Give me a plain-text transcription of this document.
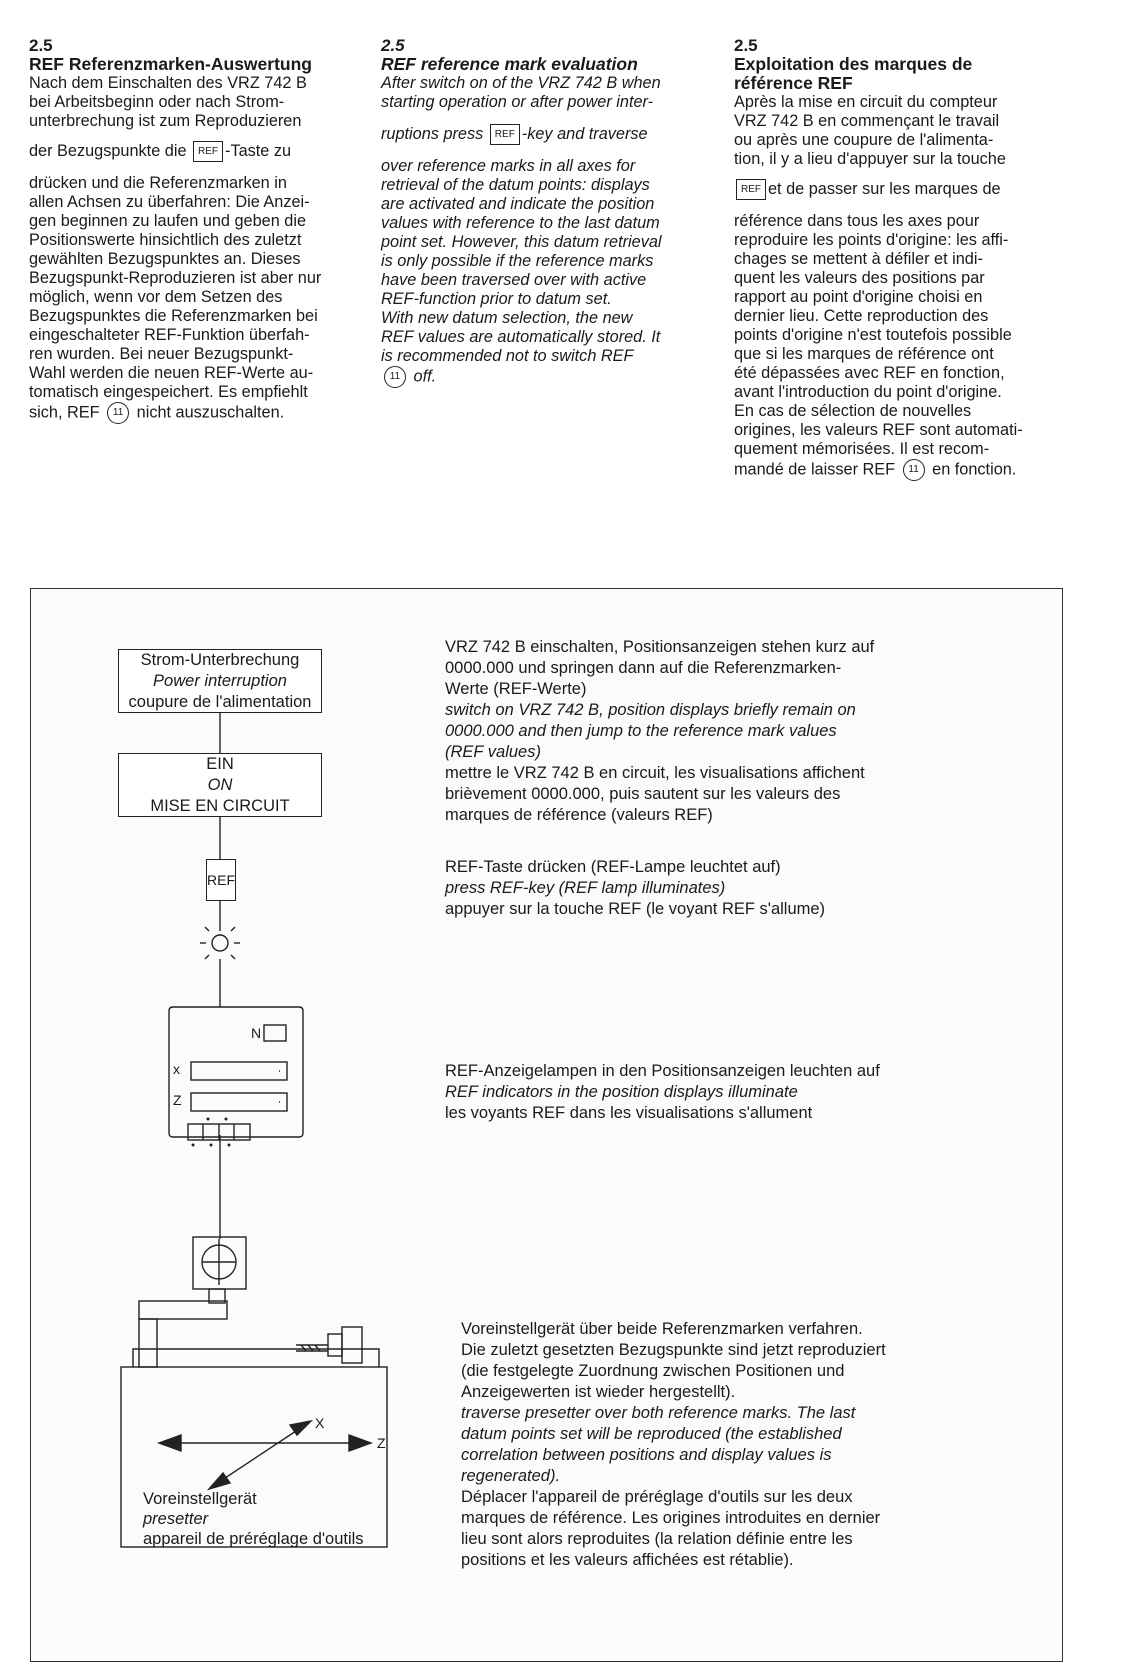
2.5

REF Referenzmarken-Auswertung

Nach dem Einschalten des VRZ 742 B

bei Arbeitsbeginn oder nach Strom-

unterbrechung ist zum Reproduzieren

der Bezugspunkte die REF -Taste zu

drücken und die Referenzmarken in

allen Achsen zu überfahren: Die Anzei-

gen beginnen zu laufen und geben die

Positionswerte hinsichtlich des zuletzt

gewählten Bezugspunktes an. Dieses

Bezugspunkt-Reproduzieren ist aber nur

möglich, wenn vor dem Setzen des

Bezugspunktes die Referenzmarken bei

eingeschalteter REF-Funktion überfah-

ren wurden. Bei neuer Bezugspunkt-

Wahl werden die neuen REF-Werte au-

tomatisch eingespeichert. Es empfiehlt

sich, REF 11 nicht auszuschalten.

2.5

REF reference mark evaluation

After switch on of the VRZ 742 B when

starting operation or after power inter-

ruptions press REF -key and traverse

over reference marks in all axes for

retrieval of the datum points: displays

are activated and indicate the position

values with reference to the last datum

point set. However, this datum retrieval

is only possible if the reference marks

have been traversed over with active

REF-function prior to datum set.

With new datum selection, the new

REF values are automatically stored. It

is recommended not to switch REF

11 off.

2.5

Exploitation des marques de

référence REF

Après la mise en circuit du compteur

VRZ 742 B en commençant le travail

ou après une coupure de l'alimenta-

tion, il y a lieu d'appuyer sur la touche

REF et de passer sur les marques de

référence dans tous les axes pour

reproduire les points d'origine: les affi-

chages se mettent à défiler et indi-

quent les valeurs des positions par

rapport au point d'origine choisi en

dernier lieu. Cette reproduction des

points d'origine n'est toutefois possible

que si les marques de référence ont

été dépassées avec REF en fonction,

avant l'introduction du point d'origine.

En cas de sélection de nouvelles

origines, les valeurs REF sont automati-

quement mémorisées. Il est recom-

mandé de laisser REF 11 en fonction.

Strom-Unterbrechung
Power interruption
coupure de l'alimentation
EIN
ON
MISE EN CIRCUIT
REF
N
x
Z
X
Z
Voreinstellgerät
presetter
appareil de préréglage d'outils
VRZ 742 B einschalten, Positionsanzeigen stehen kurz auf
0000.000 und springen dann auf die Referenzmarken-
Werte (REF-Werte)
switch on VRZ 742 B, position displays briefly remain on
0000.000 and then jump to the reference mark values
(REF values)
mettre le VRZ 742 B en circuit, les visualisations affichent
brièvement 0000.000, puis sautent sur les valeurs des
marques de référence (valeurs REF)
REF-Taste drücken (REF-Lampe leuchtet auf)
press REF-key (REF lamp illuminates)
appuyer sur la touche REF (le voyant REF s'allume)
REF-Anzeigelampen in den Positionsanzeigen leuchten auf
REF indicators in the position displays illuminate
les voyants REF dans les visualisations s'allument
Voreinstellgerät über beide Referenzmarken verfahren.
Die zuletzt gesetzten Bezugspunkte sind jetzt reproduziert
(die festgelegte Zuordnung zwischen Positionen und
Anzeigewerten ist wieder hergestellt).
traverse presetter over both reference marks. The last
datum points set will be reproduced (the established
correlation between positions and display values is
regenerated).
Déplacer l'appareil de préréglage d'outils sur les deux
marques de référence. Les origines introduites en dernier
lieu sont alors reproduites (la relation définie entre les
positions et les valeurs affichées est rétablie).
